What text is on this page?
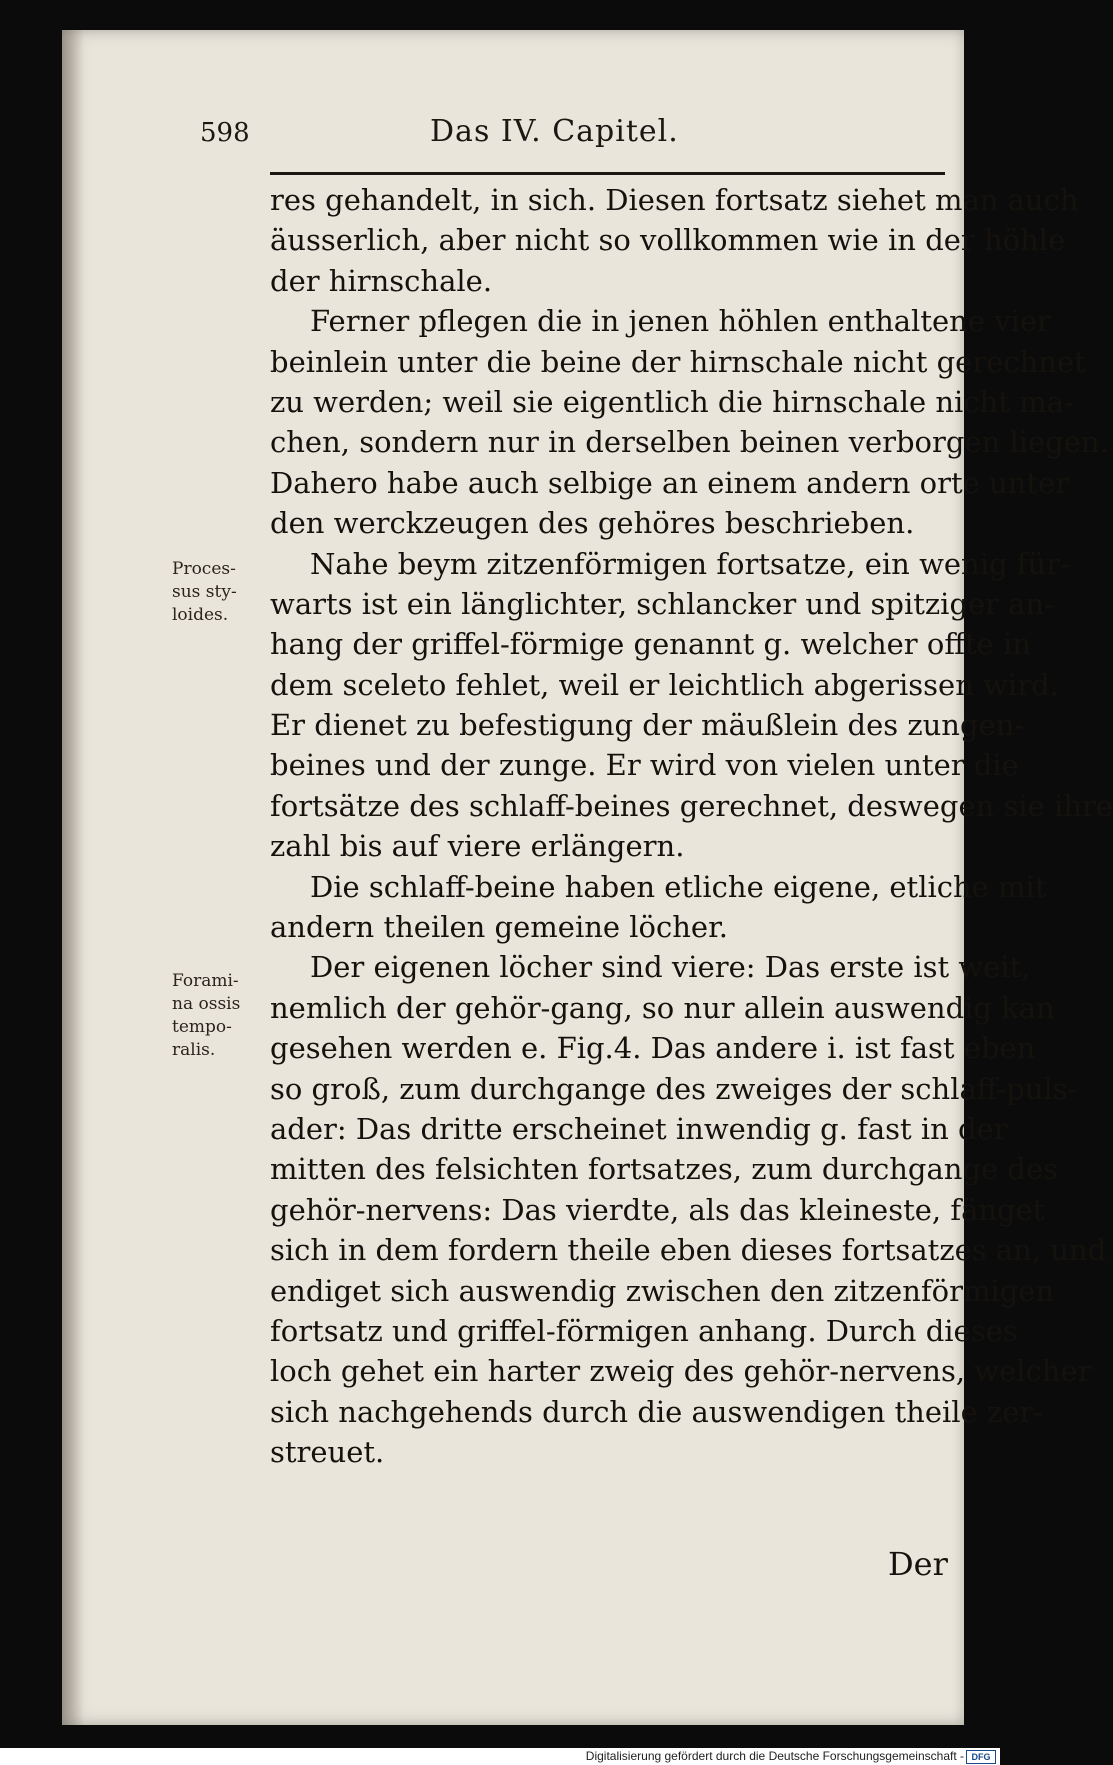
598	Das IV. Capitel.
res gehandelt, in sich. Diesen fortsatz siehet man auch
äusserlich, aber nicht so vollkommen wie in der höhle
der hirnschale.
Ferner pflegen die in jenen höhlen enthaltene vier
beinlein unter die beine der hirnschale nicht gerechnet
zu werden; weil sie eigentlich die hirnschale nicht ma-
chen, sondern nur in derselben beinen verborgen liegen.
Dahero habe auch selbige an einem andern orte unter
den werckzeugen des gehöres beschrieben.
Nahe beym zitzenförmigen fortsatze, ein wenig für-
warts ist ein länglichter, schlancker und spitziger an-
hang der griffel-förmige genannt g. welcher offte in
dem sceleto fehlet, weil er leichtlich abgerissen wird.
Er dienet zu befestigung der mäußlein des zungen-
beines und der zunge. Er wird von vielen unter die
fortsätze des schlaff-beines gerechnet, deswegen sie ihre
zahl bis auf viere erlängern.
Die schlaff-beine haben etliche eigene, etliche mit
andern theilen gemeine löcher.
Der eigenen löcher sind viere: Das erste ist weit,
nemlich der gehör-gang, so nur allein auswendig kan
gesehen werden e. Fig.4. Das andere i. ist fast eben
so groß, zum durchgange des zweiges der schlaff-puls-
ader: Das dritte erscheinet inwendig g. fast in der
mitten des felsichten fortsatzes, zum durchgange des
gehör-nervens: Das vierdte, als das kleineste, fänget
sich in dem fordern theile eben dieses fortsatzes an, und
endiget sich auswendig zwischen den zitzenförmigen
fortsatz und griffel-förmigen anhang. Durch dieses
loch gehet ein harter zweig des gehör-nervens, welcher
sich nachgehends durch die auswendigen theile zer-
streuet.
Der
Proces-
sus sty-
loides.
Forami-
na ossis
tempo-
ralis.
Digitalisierung gefördert durch die Deutsche Forschungsgemeinschaft - DFG
